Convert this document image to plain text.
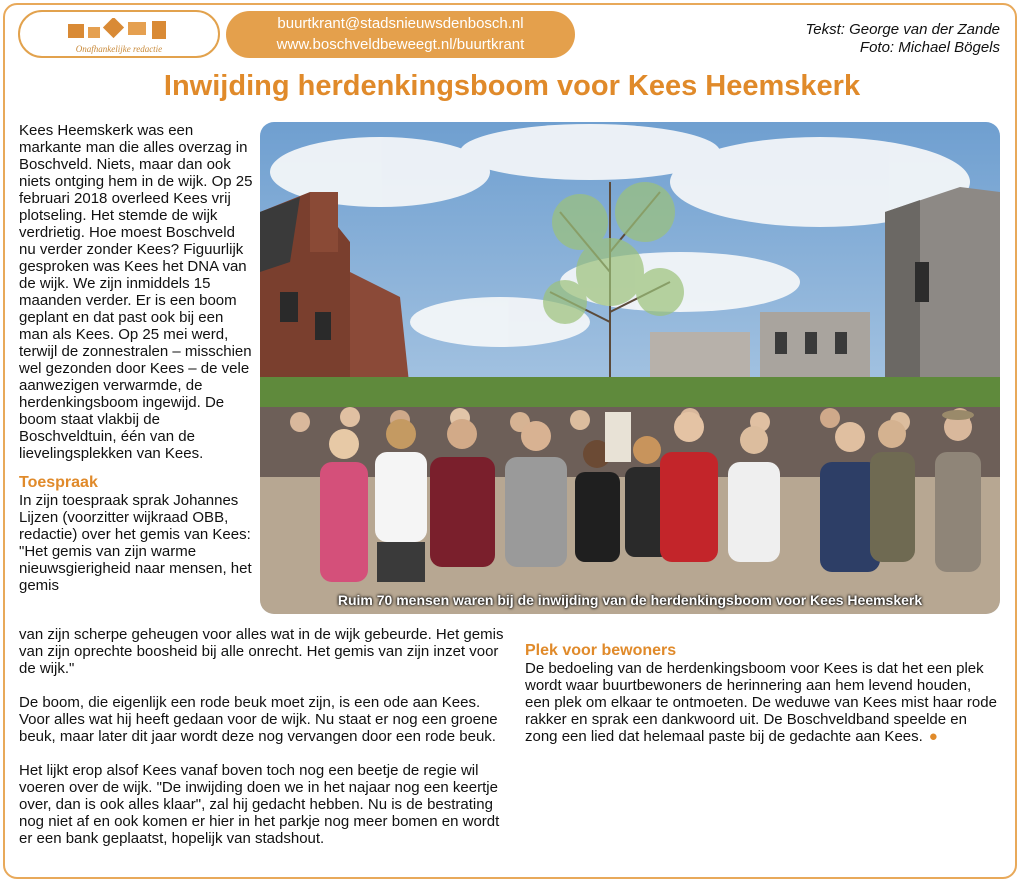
Onafhankelijke redactie
buurtkrant@stadsnieuwsdenbosch.nl
www.boschveldbeweegt.nl/buurtkrant
Tekst: George van der Zande
Foto: Michael Bögels
Inwijding herdenkingsboom voor Kees Heemskerk
Ruim 70 mensen waren bij de inwijding van de herdenkingsboom voor Kees Heemskerk

Kees Heemskerk was een markante man die alles overzag in Boschveld. Niets, maar dan ook niets ontging hem in de wijk. Op 25 februari 2018 overleed Kees vrij plotseling. Het stemde de wijk verdrietig. Hoe moest Boschveld nu verder zonder Kees? Figuurlijk gesproken was Kees het DNA van de wijk. We zijn inmiddels 15 maanden verder. Er is een boom geplant en dat past ook bij een man als Kees. Op 25 mei werd, terwijl de zonnestralen – misschien wel gezonden door Kees – de vele aanwezigen verwarmde, de herdenkingsboom ingewijd. De boom staat vlakbij de Boschveldtuin, één van de lievelingsplekken van Kees.

Toespraak

In zijn toespraak sprak Johannes Lijzen (voorzitter wijkraad OBB, redactie) over het gemis van Kees: "Het gemis van zijn warme nieuwsgierigheid naar mensen, het gemis

van zijn scherpe geheugen voor alles wat in de wijk gebeurde. Het gemis van zijn oprechte boosheid bij alle onrecht. Het gemis van zijn inzet voor de wijk."

De boom, die eigenlijk een rode beuk moet zijn, is een ode aan Kees. Voor alles wat hij heeft gedaan voor de wijk. Nu staat er nog een groene beuk, maar later dit jaar wordt deze nog vervangen door een rode beuk.

Het lijkt erop alsof Kees vanaf boven toch nog een beetje de regie wil voeren over de wijk. "De inwijding doen we in het najaar nog een keertje over, dan is ook alles klaar", zal hij gedacht hebben. Nu is de bestrating nog niet af en ook komen er hier in het parkje nog meer bomen en wordt er een bank geplaatst, hopelijk van stadshout.

Plek voor bewoners

De bedoeling van de herdenkingsboom voor Kees is dat het een plek wordt waar buurtbewoners de herinnering aan hem levend houden, een plek om elkaar te ontmoeten. De weduwe van Kees mist haar rode rakker en sprak een dankwoord uit. De Boschveldband speelde en zong een lied dat helemaal paste bij de gedachte aan Kees. ●
